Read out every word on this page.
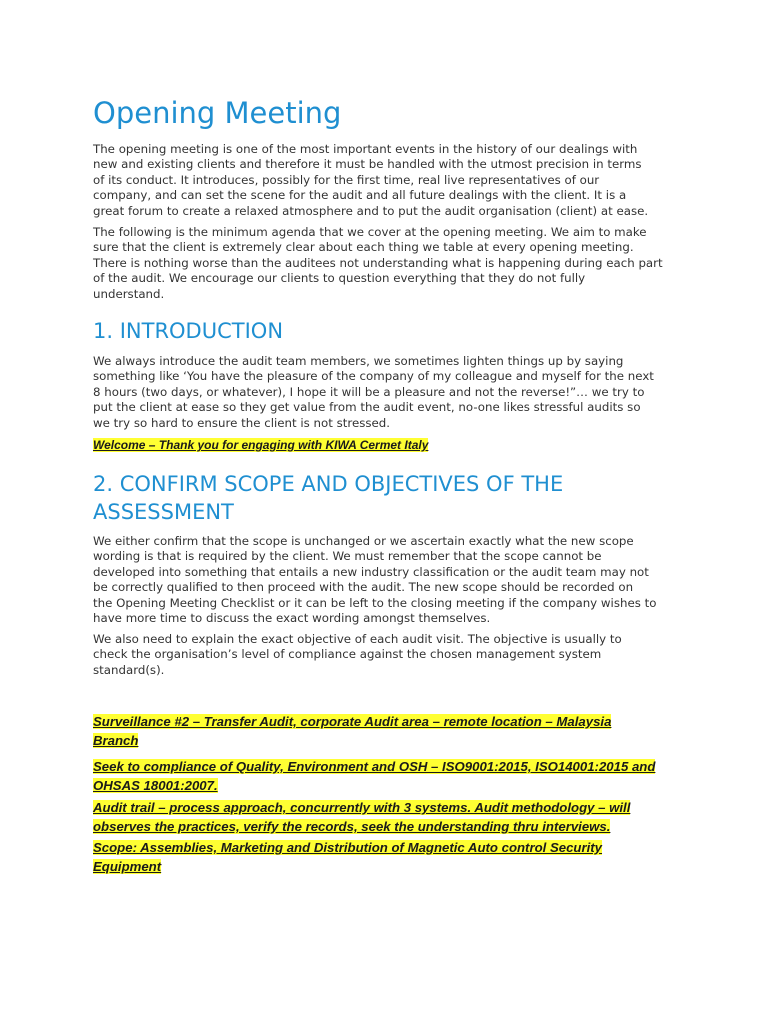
Opening Meeting

The opening meeting is one of the most important events in the history of our dealings with
new and existing clients and therefore it must be handled with the utmost precision in terms
of its conduct. It introduces, possibly for the first time, real live representatives of our
company, and can set the scene for the audit and all future dealings with the client. It is a
great forum to create a relaxed atmosphere and to put the audit organisation (client) at ease.

The following is the minimum agenda that we cover at the opening meeting. We aim to make
sure that the client is extremely clear about each thing we table at every opening meeting.
There is nothing worse than the auditees not understanding what is happening during each part
of the audit. We encourage our clients to question everything that they do not fully
understand.

1. INTRODUCTION

We always introduce the audit team members, we sometimes lighten things up by saying
something like ‘You have the pleasure of the company of my colleague and myself for the next
8 hours (two days, or whatever), I hope it will be a pleasure and not the reverse!”… we try to
put the client at ease so they get value from the audit event, no-one likes stressful audits so
we try so hard to ensure the client is not stressed.

Welcome – Thank you for engaging with KIWA Cermet Italy

2. CONFIRM SCOPE AND OBJECTIVES OF THE
ASSESSMENT

We either confirm that the scope is unchanged or we ascertain exactly what the new scope
wording is that is required by the client. We must remember that the scope cannot be
developed into something that entails a new industry classification or the audit team may not
be correctly qualified to then proceed with the audit. The new scope should be recorded on
the Opening Meeting Checklist or it can be left to the closing meeting if the company wishes to
have more time to discuss the exact wording amongst themselves.

We also need to explain the exact objective of each audit visit. The objective is usually to
check the organisation’s level of compliance against the chosen management system
standard(s).

Surveillance #2 – Transfer Audit, corporate Audit area – remote location – Malaysia
Branch

Seek to compliance of Quality, Environment and OSH – ISO9001:2015, ISO14001:2015 and
OHSAS 18001:2007.

Audit trail – process approach, concurrently with 3 systems. Audit methodology – will
observes the practices, verify the records, seek the understanding thru interviews.

Scope: Assemblies, Marketing and Distribution of Magnetic Auto control Security
Equipment
